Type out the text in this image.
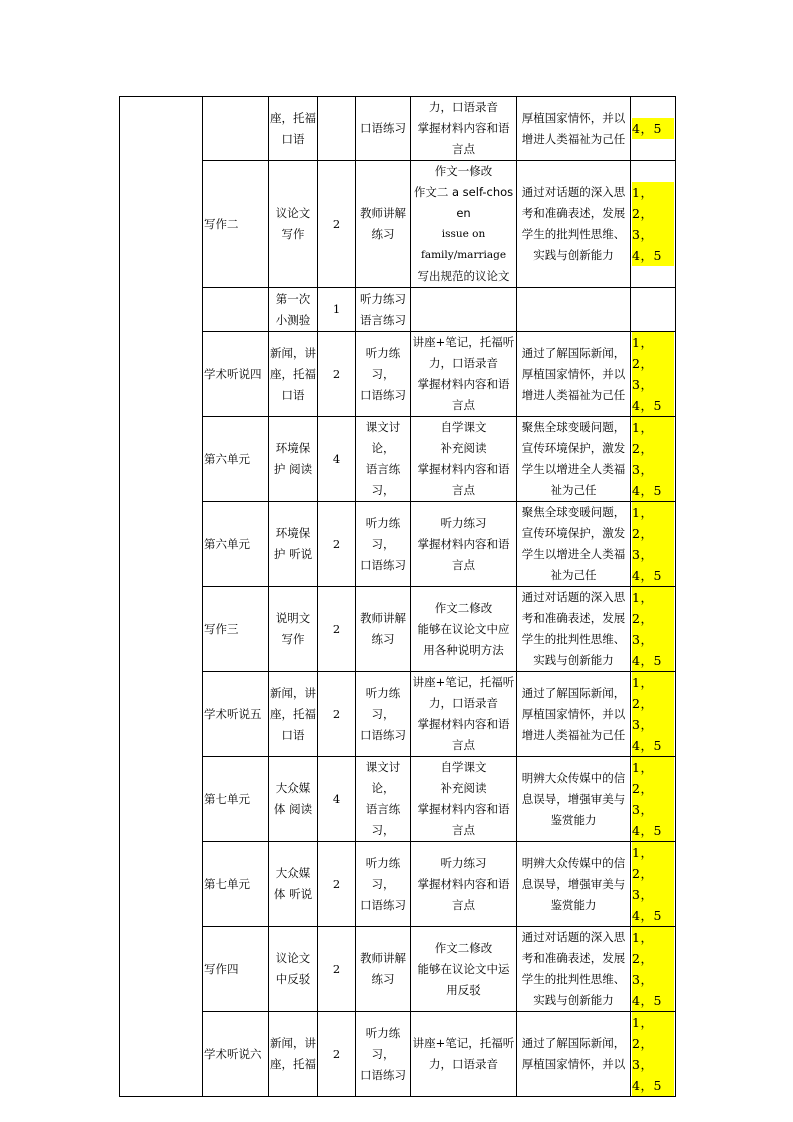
		座，托福
口语		口语练习	力，口语录音
掌握材料内容和语
言点	厚植国家情怀，并以
增进人类福祉为己任	4，5

	写作二	议论文
写作	2	教师讲解
练习	作文一修改
作文二 a self-chosen
issue on
family/marriage
写出规范的议论文	通过对话题的深入思
考和准确表述，发展
学生的批判性思维、
实践与创新能力	1，2，3，
4，5

		第一次
小测验	1	听力练习
语言练习			

	学术听说四	新闻，讲
座，托福
口语	2	听力练习，
口语练习	讲座+笔记，托福听
力，口语录音
掌握材料内容和语
言点	通过了解国际新闻，
厚植国家情怀，并以
增进人类福祉为己任	1，2，3，
4，5

	第六单元	环境保
护 阅读	4	课文讨论，
语言练习，	自学课文
补充阅读
掌握材料内容和语
言点	聚焦全球变暖问题，
宣传环境保护，激发
学生以增进全人类福
祉为己任	1，2，3，
4，5

	第六单元	环境保
护 听说	2	听力练习，
口语练习	听力练习
掌握材料内容和语
言点	聚焦全球变暖问题，
宣传环境保护，激发
学生以增进全人类福
祉为己任	1，2，3，
4，5

	写作三	说明文
写作	2	教师讲解
练习	作文二修改
能够在议论文中应
用各种说明方法	通过对话题的深入思
考和准确表述，发展
学生的批判性思维、
实践与创新能力	1，2，3，
4，5

	学术听说五	新闻，讲
座，托福
口语	2	听力练习，
口语练习	讲座+笔记，托福听
力，口语录音
掌握材料内容和语
言点	通过了解国际新闻，
厚植国家情怀，并以
增进人类福祉为己任	1，2，3，
4，5

	第七单元	大众媒
体 阅读	4	课文讨论，
语言练习，	自学课文
补充阅读
掌握材料内容和语
言点	明辨大众传媒中的信
息误导，增强审美与
鉴赏能力	1，2，3，
4，5

	第七单元	大众媒
体 听说	2	听力练习，
口语练习	听力练习
掌握材料内容和语
言点	明辨大众传媒中的信
息误导，增强审美与
鉴赏能力	1，2，3，
4，5

	写作四	议论文
中反驳	2	教师讲解
练习	作文二修改
能够在议论文中运
用反驳	通过对话题的深入思
考和准确表述，发展
学生的批判性思维、
实践与创新能力	1，2，3，
4，5

	学术听说六	新闻，讲
座，托福	2	听力练习，
口语练习	讲座+笔记，托福听
力，口语录音	通过了解国际新闻，
厚植国家情怀，并以	1，2，3，
4，5
